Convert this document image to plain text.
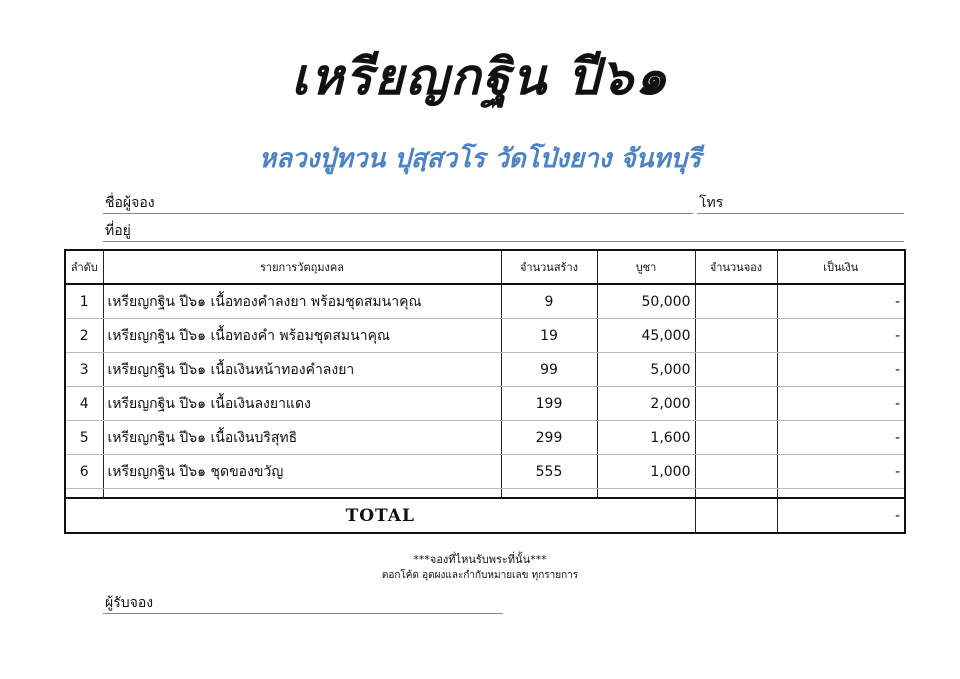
เหรียญกฐิน ปี๖๑
หลวงปู่ทวน ปุสฺสวโร วัดโป่งยาง จันทบุรี
ชื่อผู้จอง	โทร
ที่อยู่
ลำดับ	รายการวัตถุมงคล	จำนวนสร้าง	บูชา	จำนวนจอง	เป็นเงิน
1	เหรียญกฐิน ปี๖๑ เนื้อทองคำลงยา พร้อมชุดสมนาคุณ	9	50,000		-
2	เหรียญกฐิน ปี๖๑ เนื้อทองคำ พร้อมชุดสมนาคุณ	19	45,000		-
3	เหรียญกฐิน ปี๖๑ เนื้อเงินหน้าทองคำลงยา	99	5,000		-
4	เหรียญกฐิน ปี๖๑ เนื้อเงินลงยาแดง	199	2,000		-
5	เหรียญกฐิน ปี๖๑ เนื้อเงินบริสุทธิ	299	1,600		-
6	เหรียญกฐิน ปี๖๑ ชุดของขวัญ	555	1,000		-

TOTAL					-
***จองที่ไหนรับพระที่นั้น***
ตอกโค้ด อุดผงและกำกับหมายเลข ทุกรายการ
ผู้รับจอง
